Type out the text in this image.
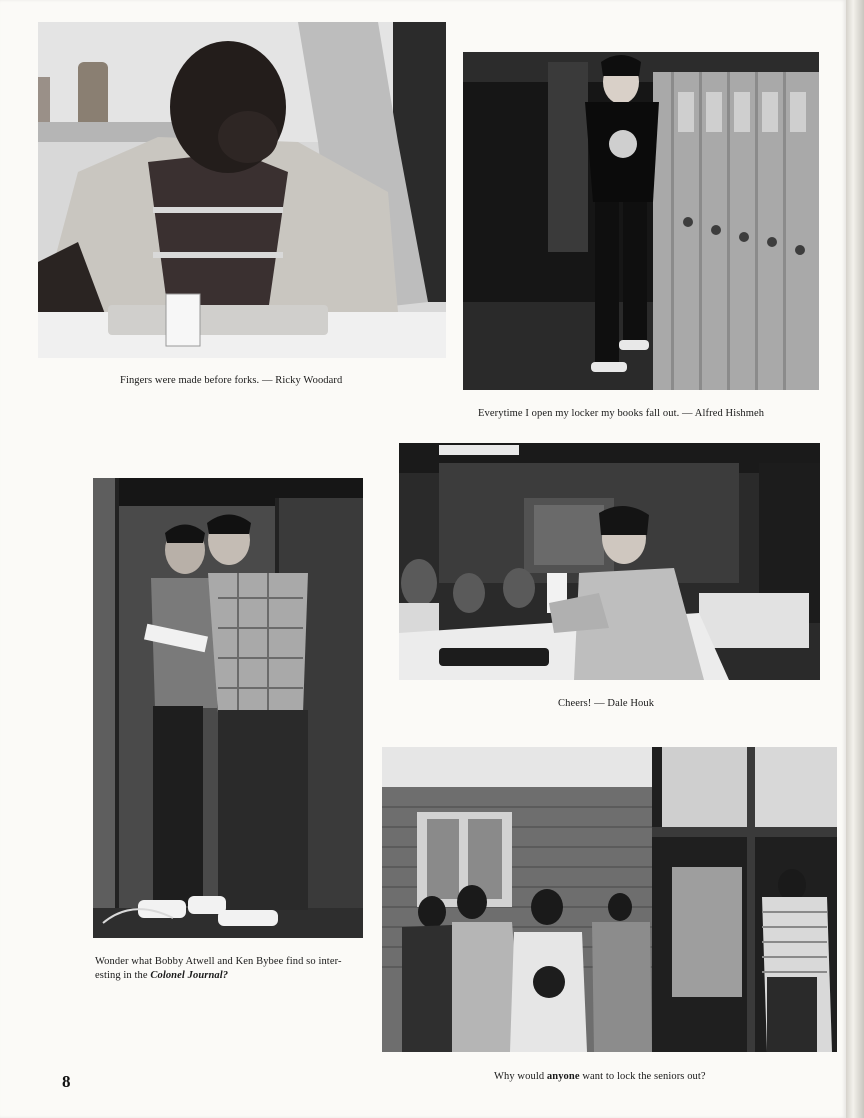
Fingers were made before forks. — Ricky Woodard
Everytime I open my locker my books fall out. — Alfred Hishmeh
Cheers! — Dale Houk
Wonder what Bobby Atwell and Ken Bybee find so inter-
esting in the Colonel Journal?
Why would anyone want to lock the seniors out?
8
